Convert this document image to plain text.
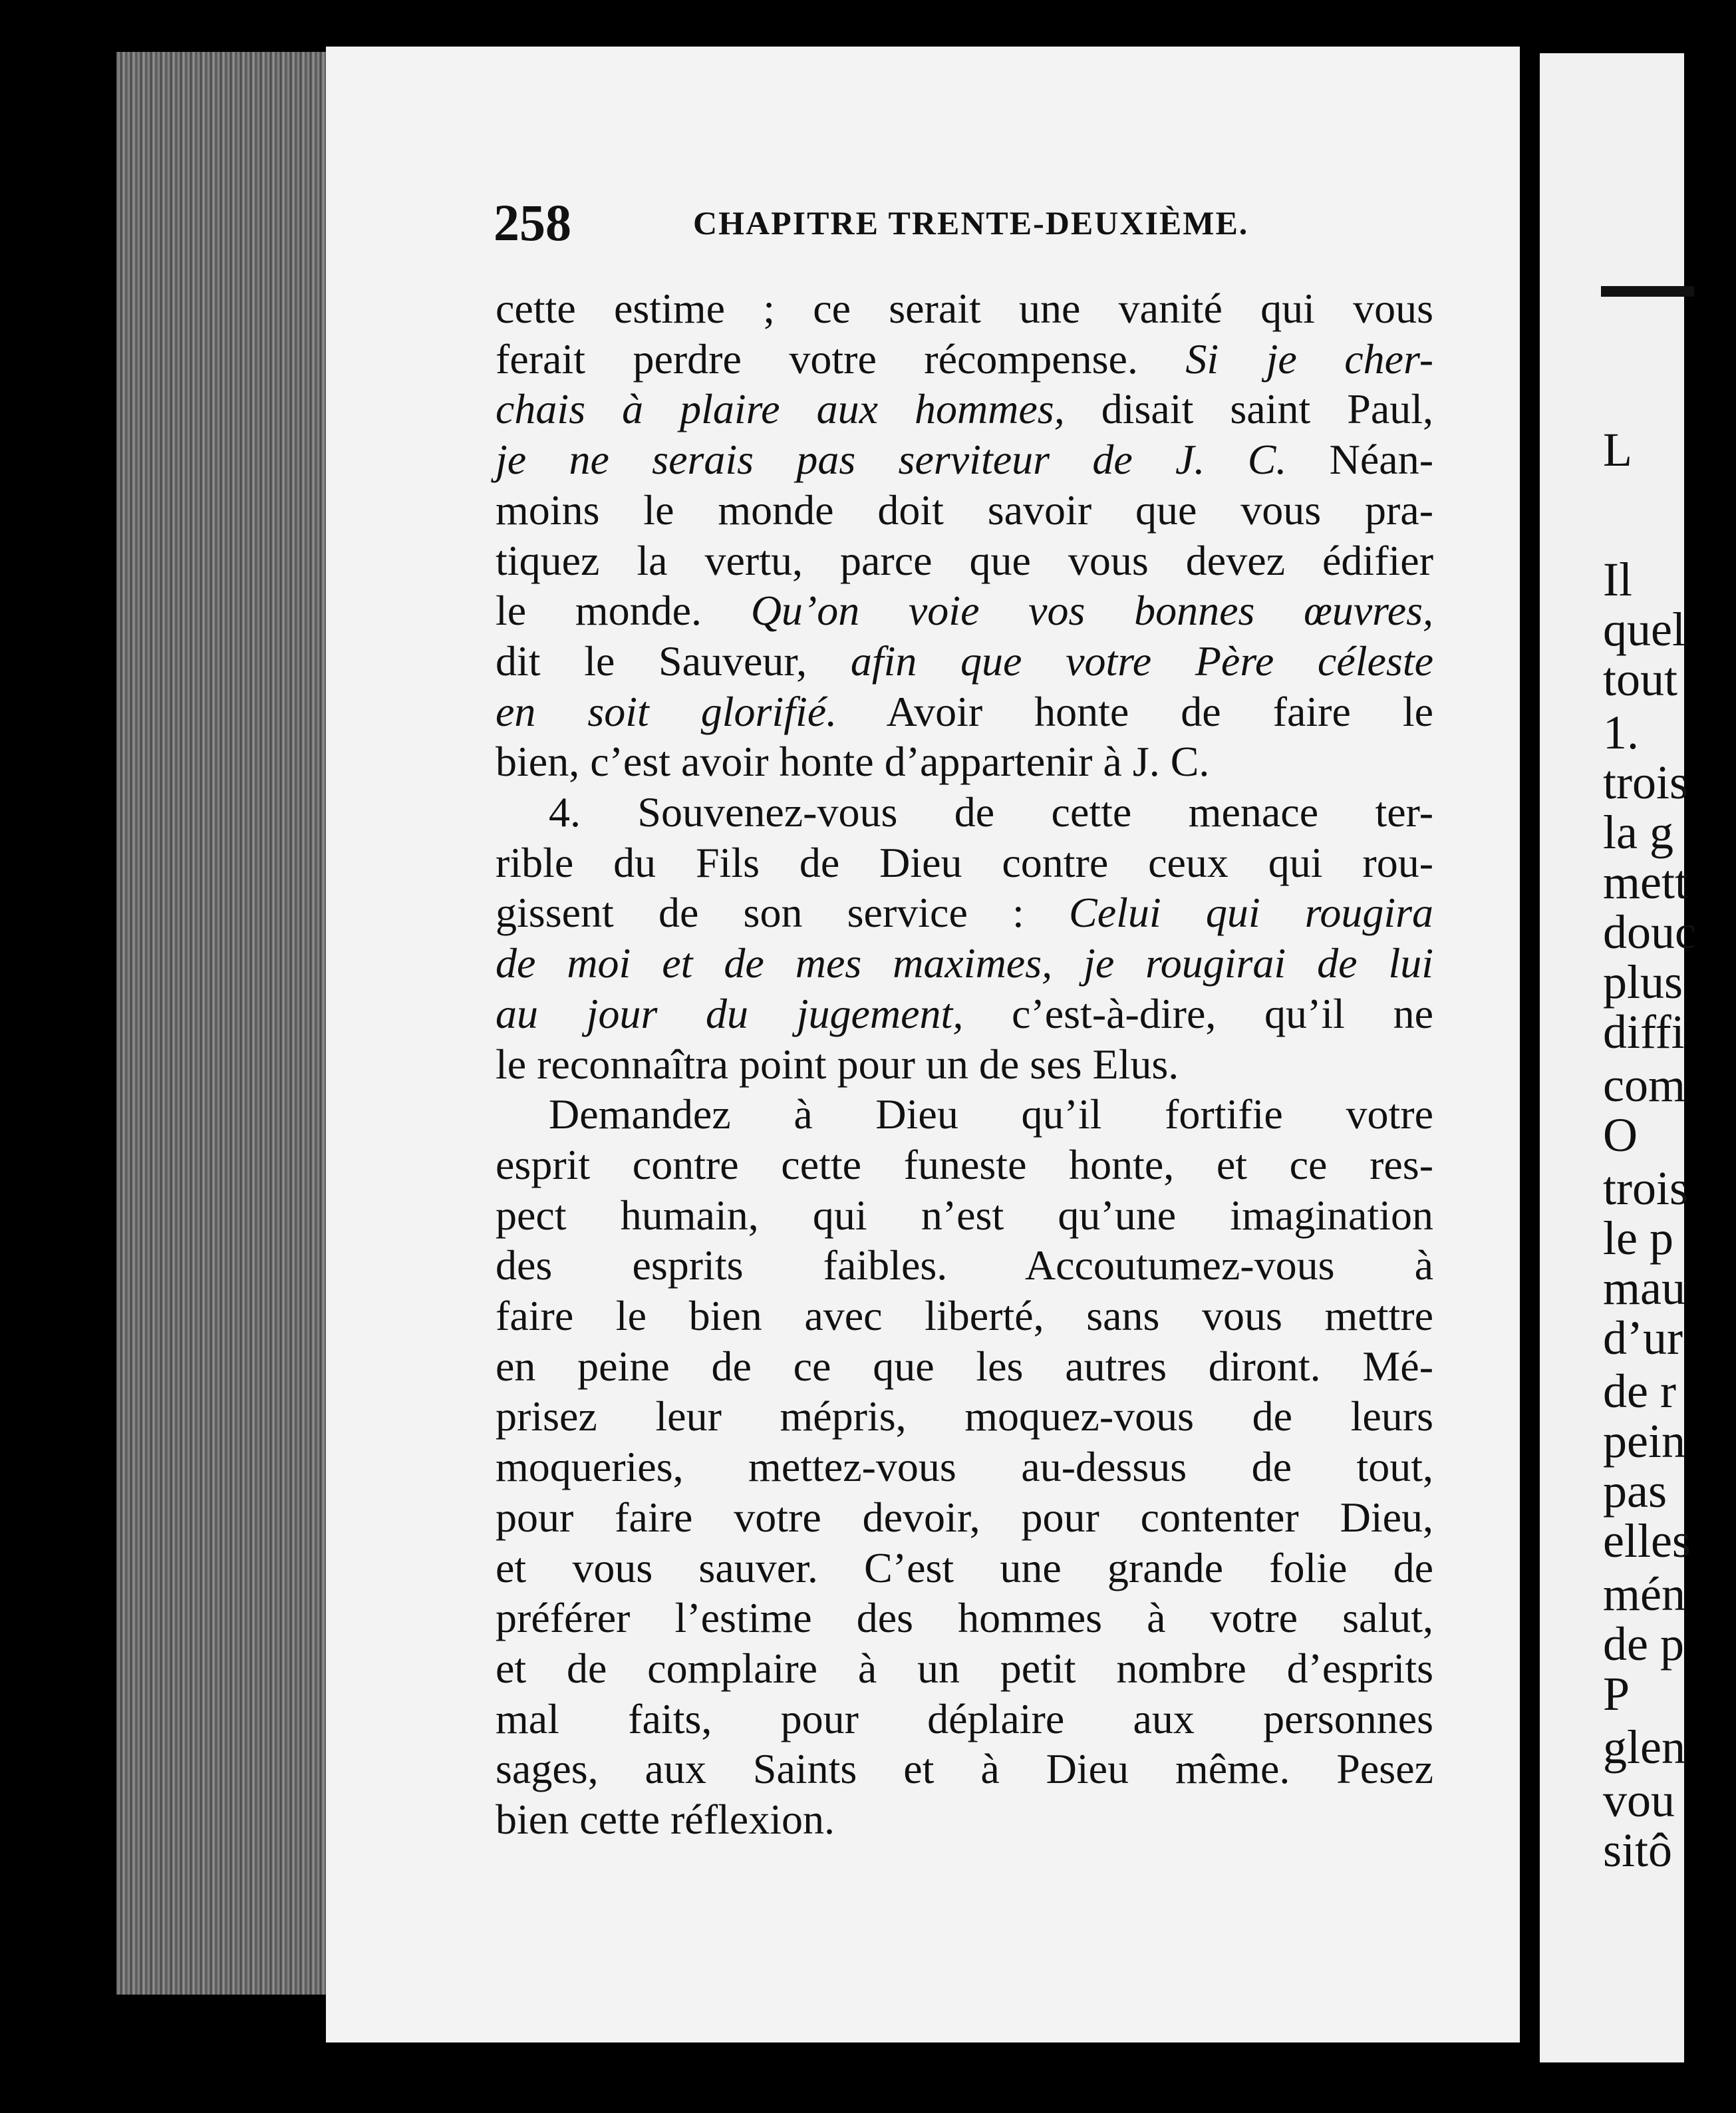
L
Il
quel
tout
1.
trois
la g
mett
douc
plus
diffi
com
O
trois
le p
mau
d’ur
de r
pein
pas
elles
mén
de p
P
glen
vou
sitô
258	CHAPITRE TRENTE-DEUXIÈME.
cette estime ; ce serait une vanité qui vous
ferait perdre votre récompense. Si je cher-
chais à plaire aux hommes, disait saint Paul,
je ne serais pas serviteur de J. C. Néan-
moins le monde doit savoir que vous pra-
tiquez la vertu, parce que vous devez édifier
le monde. Qu’on voie vos bonnes œuvres,
dit le Sauveur, afin que votre Père céleste
en soit glorifié. Avoir honte de faire le
bien, c’est avoir honte d’appartenir à J. C.
4. Souvenez-vous de cette menace ter-
rible du Fils de Dieu contre ceux qui rou-
gissent de son service : Celui qui rougira
de moi et de mes maximes, je rougirai de lui
au jour du jugement, c’est-à-dire, qu’il ne
le reconnaîtra point pour un de ses Elus.
Demandez à Dieu qu’il fortifie votre
esprit contre cette funeste honte, et ce res-
pect humain, qui n’est qu’une imagination
des esprits faibles. Accoutumez-vous à
faire le bien avec liberté, sans vous mettre
en peine de ce que les autres diront. Mé-
prisez leur mépris, moquez-vous de leurs
moqueries, mettez-vous au-dessus de tout,
pour faire votre devoir, pour contenter Dieu,
et vous sauver. C’est une grande folie de
préférer l’estime des hommes à votre salut,
et de complaire à un petit nombre d’esprits
mal faits, pour déplaire aux personnes
sages, aux Saints et à Dieu même. Pesez
bien cette réflexion.
